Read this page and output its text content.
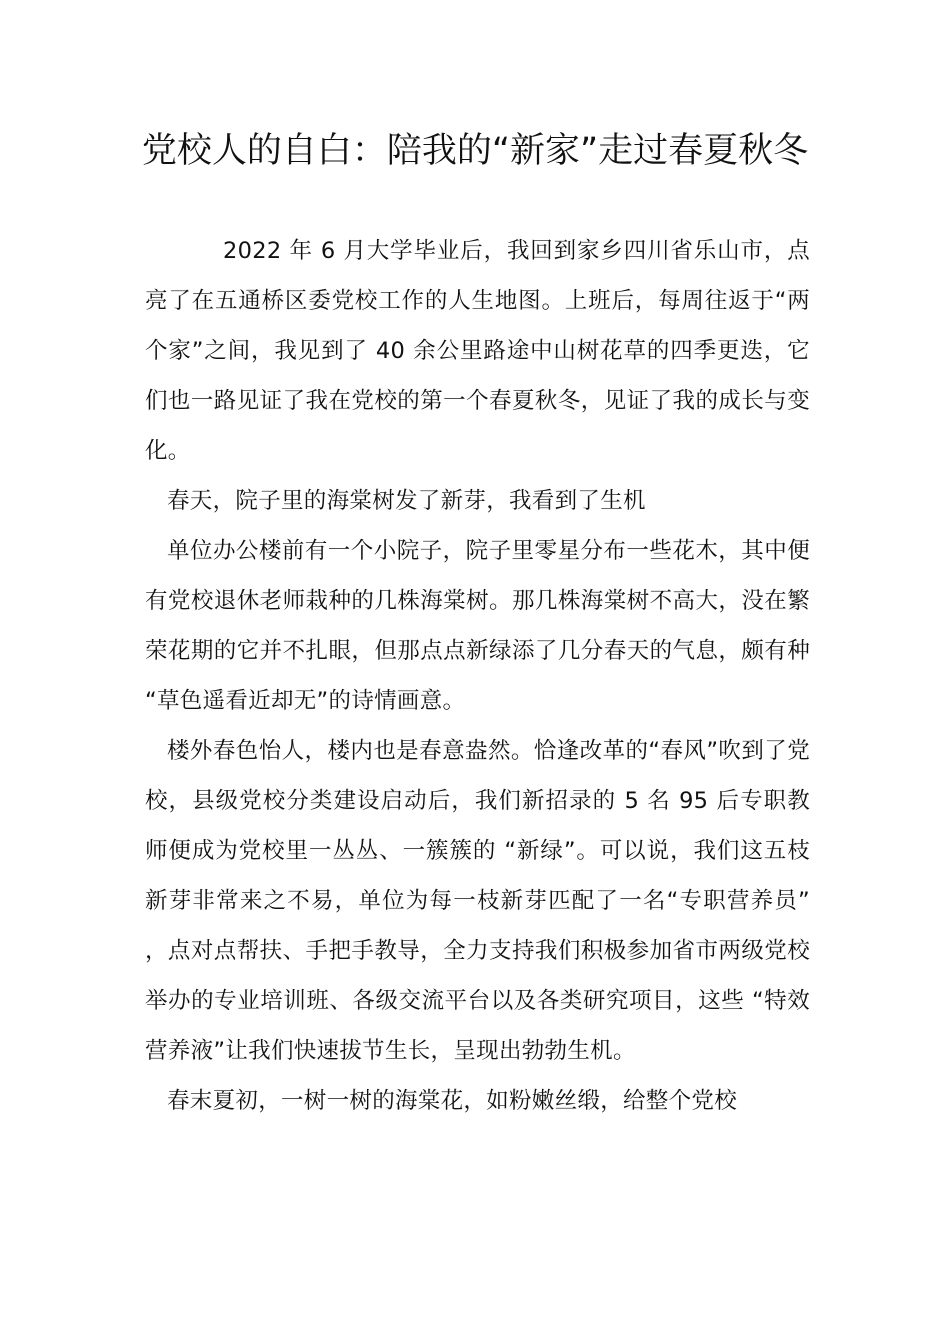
党校人的自白：陪我的“新家”走过春夏秋冬

2022 年 6 月大学毕业后，我回到家乡四川省乐山市，点亮了在五通桥区委党校工作的人生地图。上班后，每周往返于“两个家”之间，我见到了 40 余公里路途中山树花草的四季更迭，它们也一路见证了我在党校的第一个春夏秋冬，见证了我的成长与变化。

春天，院子里的海棠树发了新芽，我看到了生机

单位办公楼前有一个小院子，院子里零星分布一些花木，其中便有党校退休老师栽种的几株海棠树。那几株海棠树不高大，没在繁荣花期的它并不扎眼，但那点点新绿添了几分春天的气息，颇有种 “草色遥看近却无”的诗情画意。

楼外春色怡人，楼内也是春意盎然。恰逢改革的“春风”吹到了党校，县级党校分类建设启动后，我们新招录的 5 名 95 后专职教师便成为党校里一丛丛、一簇簇的 “新绿”。可以说，我们这五枝新芽非常来之不易，单位为每一枝新芽匹配了一名“专职营养员” ，点对点帮扶、手把手教导，全力支持我们积极参加省市两级党校举办的专业培训班、各级交流平台以及各类研究项目，这些 “特效营养液”让我们快速拔节生长，呈现出勃勃生机。

春末夏初，一树一树的海棠花，如粉嫩丝缎，给整个党校
